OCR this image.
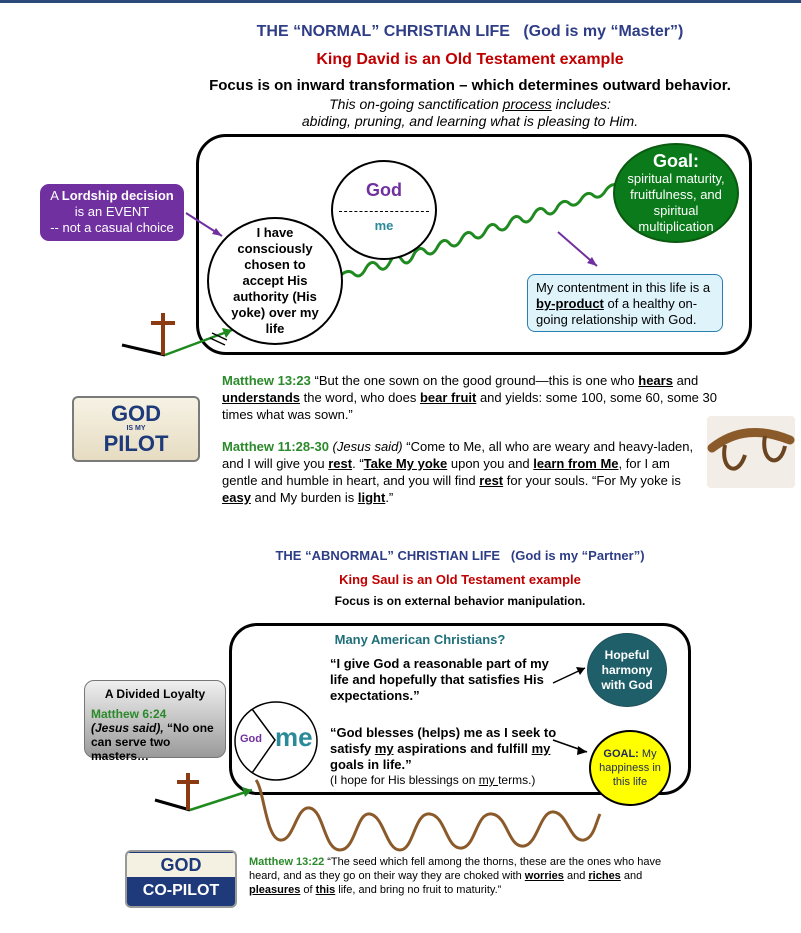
THE “NORMAL” CHRISTIAN LIFE   (God is my “Master”)
King David is an Old Testament example
Focus is on inward transformation – which determines outward behavior.
This on-going sanctification process includes:
abiding, pruning, and learning what is pleasing to Him.
A Lordship decision
is an EVENT
-- not a casual choice
God
me
I have consciously chosen to accept His authority (His yoke) over my life
Goal:
spiritual maturity, fruitfulness, and spiritual multiplication
My contentment in this life is a by-product of a healthy on-going relationship with God.
GOD
IS MY
PILOT
Matthew 13:23 “But the one sown on the good ground—this is one who hears and understands the word, who does bear fruit and yields: some 100, some 60, some 30 times what was sown.”
Matthew 11:28-30 (Jesus said) “Come to Me, all who are weary and heavy-laden, and I will give you rest. “Take My yoke upon you and learn from Me, for I am gentle and humble in heart, and you will find rest for your souls. “For My yoke is easy and My burden is light.”
THE “ABNORMAL” CHRISTIAN LIFE   (God is my “Partner”)
King Saul is an Old Testament example
Focus is on external behavior manipulation.
Many American Christians?
“I give God a reasonable part of my life and hopefully that satisfies His expectations.”
“God blesses (helps) me as I seek to satisfy my aspirations and fulfill my goals in life.”
(I hope for His blessings on my terms.)
A Divided Loyalty
Matthew 6:24
(Jesus said), “No one can serve two masters…
God me
Hopeful harmony with God
GOAL: My happiness in this life
GOD
CO-PILOT
Matthew 13:22 “The seed which fell among the thorns, these are the ones who have heard, and as they go on their way they are choked with worries and riches and pleasures of this life, and bring no fruit to maturity.”
